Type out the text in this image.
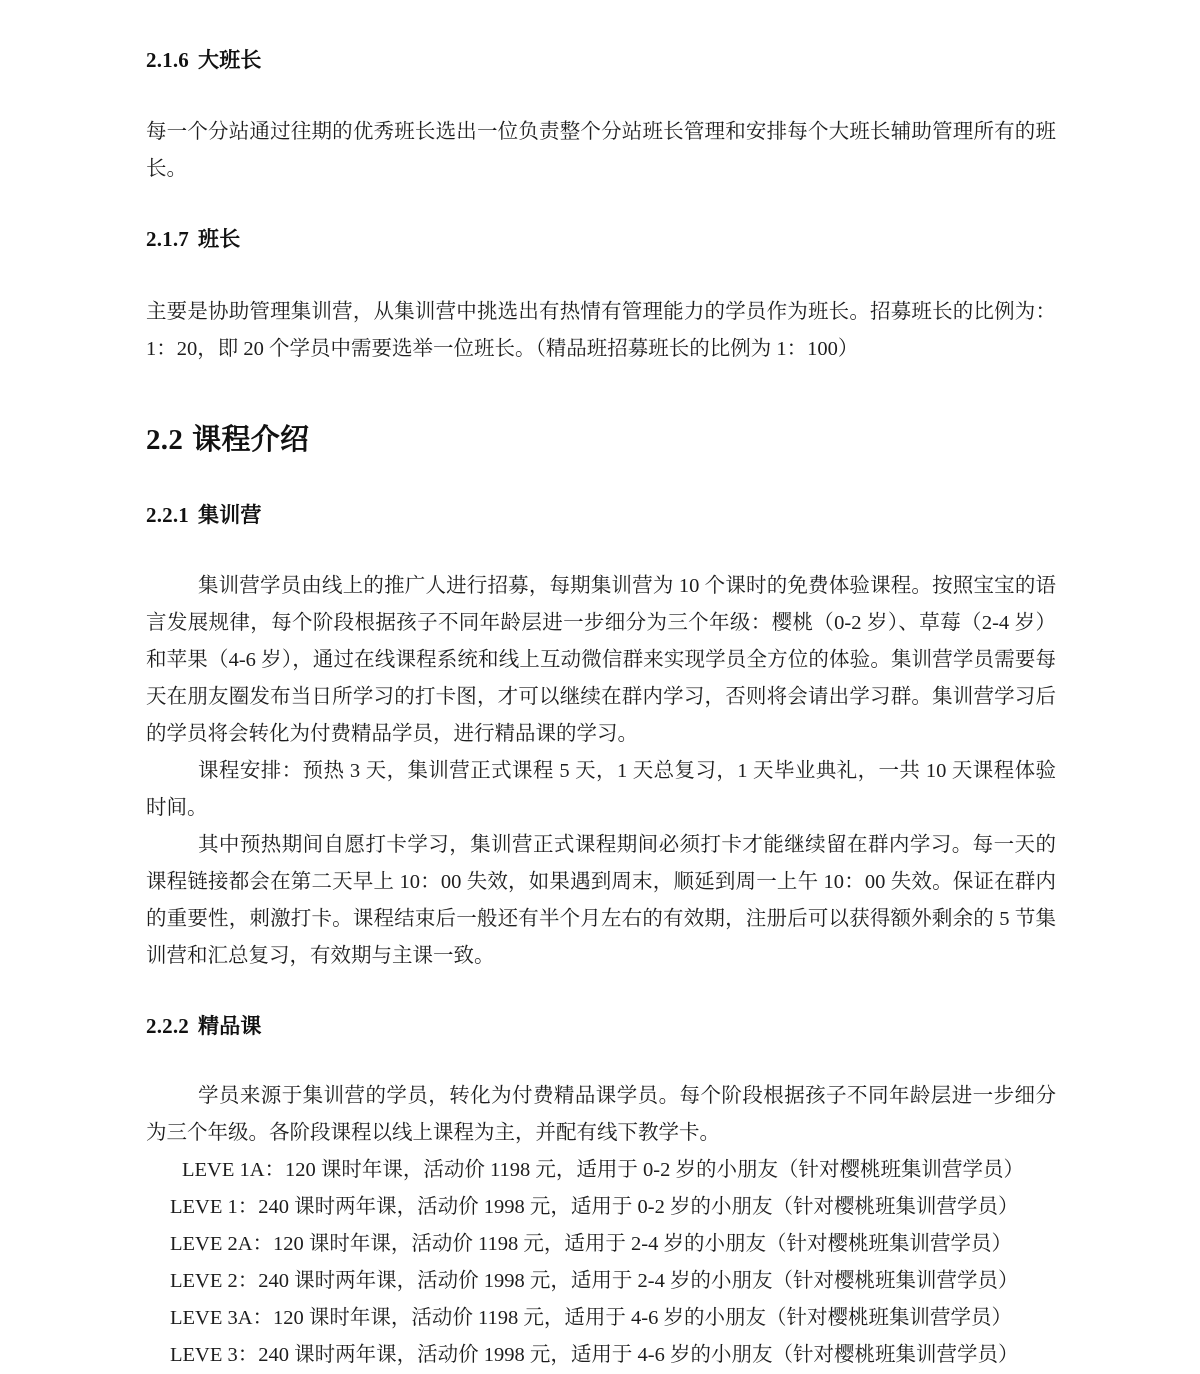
2.1.6 大班长

每一个分站通过往期的优秀班长选出一位负责整个分站班长管理和安排每个大班长辅助管理所有的班长。

2.1.7 班长

主要是协助管理集训营，从集训营中挑选出有热情有管理能力的学员作为班长。招募班长的比例为：1：20，即 20 个学员中需要选举一位班长。（精品班招募班长的比例为 1：100）

2.2 课程介绍
2.2.1 集训营

集训营学员由线上的推广人进行招募，每期集训营为 10 个课时的免费体验课程。按照宝宝的语言发展规律，每个阶段根据孩子不同年龄层进一步细分为三个年级：樱桃（0-2 岁）、草莓（2-4 岁）和苹果（4-6 岁），通过在线课程系统和线上互动微信群来实现学员全方位的体验。集训营学员需要每天在朋友圈发布当日所学习的打卡图，才可以继续在群内学习，否则将会请出学习群。集训营学习后的学员将会转化为付费精品学员，进行精品课的学习。

课程安排：预热 3 天，集训营正式课程 5 天，1 天总复习，1 天毕业典礼，一共 10 天课程体验时间。

其中预热期间自愿打卡学习，集训营正式课程期间必须打卡才能继续留在群内学习。每一天的课程链接都会在第二天早上 10：00 失效，如果遇到周末，顺延到周一上午 10：00 失效。保证在群内的重要性，刺激打卡。课程结束后一般还有半个月左右的有效期，注册后可以获得额外剩余的 5 节集训营和汇总复习，有效期与主课一致。

2.2.2 精品课

学员来源于集训营的学员，转化为付费精品课学员。每个阶段根据孩子不同年龄层进一步细分为三个年级。各阶段课程以线上课程为主，并配有线下教学卡。

LEVE 1A：120 课时年课，活动价 1198 元，适用于 0-2 岁的小朋友（针对樱桃班集训营学员）
LEVE 1：240 课时两年课，活动价 1998 元，适用于 0-2 岁的小朋友（针对樱桃班集训营学员）
LEVE 2A：120 课时年课，活动价 1198 元，适用于 2-4 岁的小朋友（针对樱桃班集训营学员）
LEVE 2：240 课时两年课，活动价 1998 元，适用于 2-4 岁的小朋友（针对樱桃班集训营学员）
LEVE 3A：120 课时年课，活动价 1198 元，适用于 4-6 岁的小朋友（针对樱桃班集训营学员）
LEVE 3：240 课时两年课，活动价 1998 元，适用于 4-6 岁的小朋友（针对樱桃班集训营学员）
